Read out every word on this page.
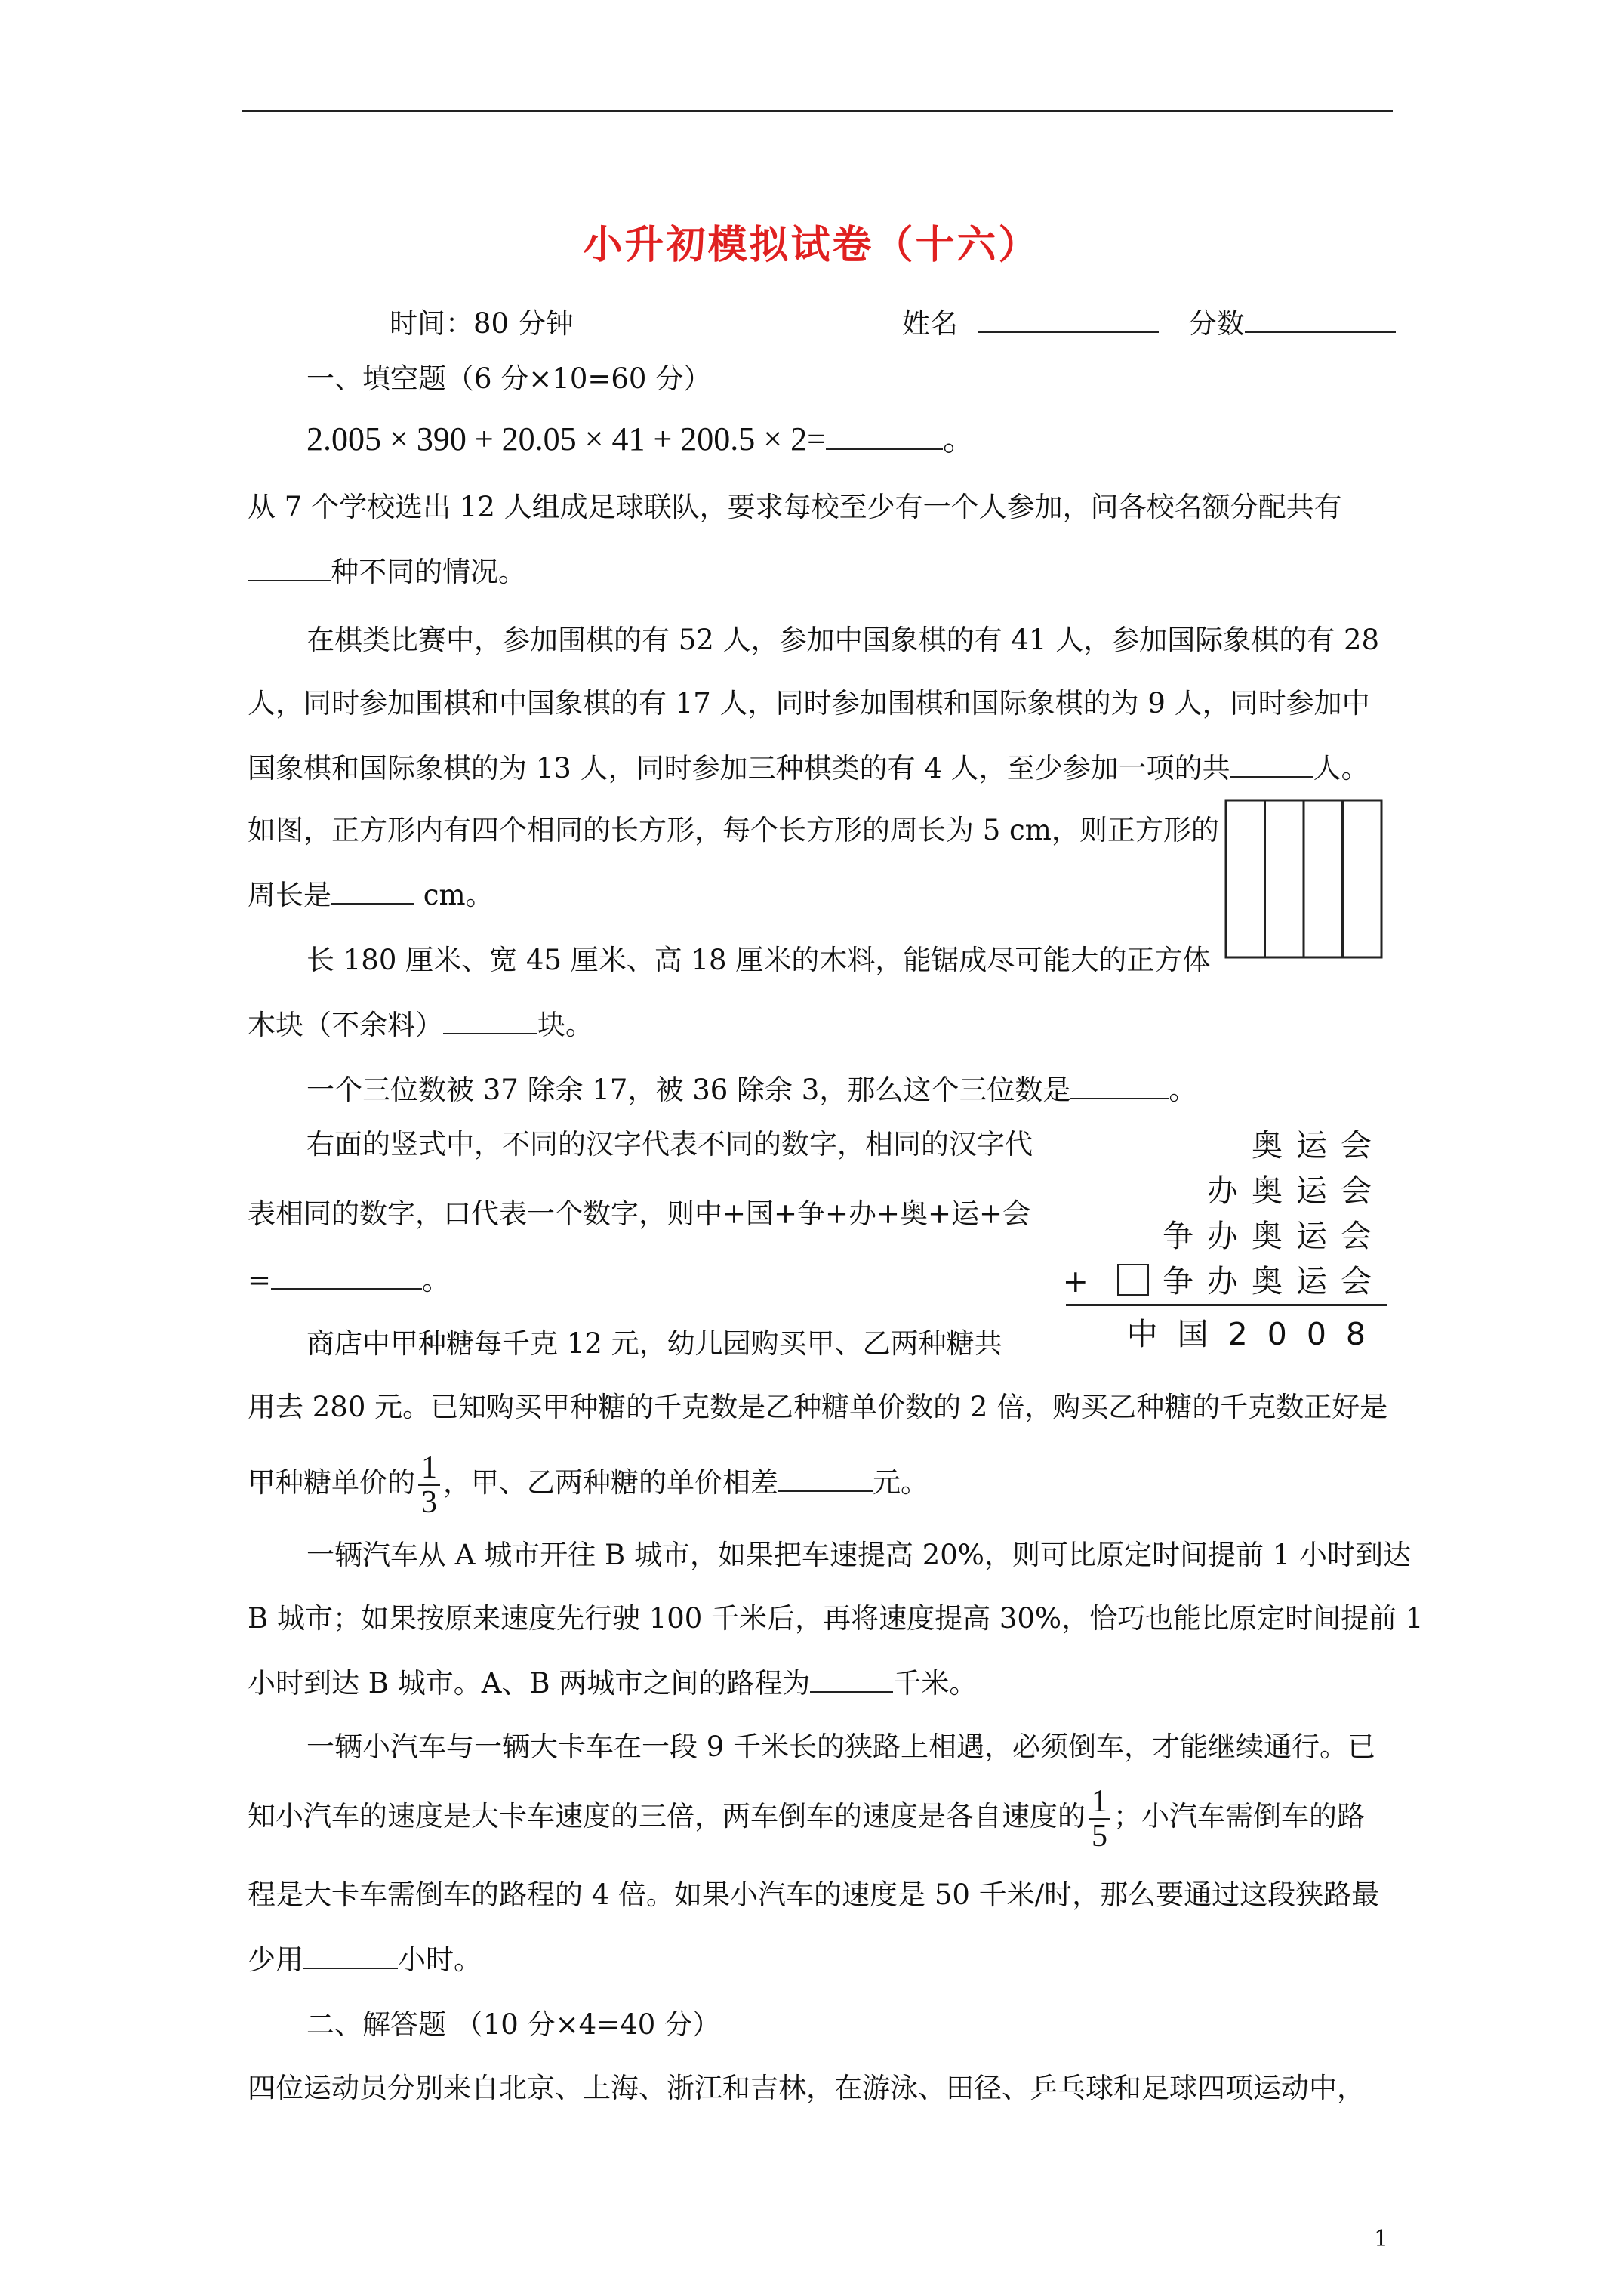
小升初模拟试卷（十六）
时间：80 分钟	姓名	分数
一、填空题（6 分×10=60 分）
2.005 × 390 + 20.05 × 41 + 200.5 × 2=	。
从 7 个学校选出 12 人组成足球联队，要求每校至少有一个人参加，问各校名额分配共有
种不同的情况。
在棋类比赛中，参加围棋的有 52 人，参加中国象棋的有 41 人，参加国际象棋的有 28
人，同时参加围棋和中国象棋的有 17 人，同时参加围棋和国际象棋的为 9 人，同时参加中
国象棋和国际象棋的为 13 人，同时参加三种棋类的有 4 人，至少参加一项的共	人。
如图，正方形内有四个相同的长方形，每个长方形的周长为 5 cm，则正方形的
周长是	cm。
长 180 厘米、宽 45 厘米、高 18 厘米的木料，能锯成尽可能大的正方体
木块（不余料）	块。
一个三位数被 37 除余 17，被 36 除余 3，那么这个三位数是	。
右面的竖式中，不同的汉字代表不同的数字，相同的汉字代
表相同的数字，口代表一个数字，则中+国+争+办+奥+运+会
=	。
奥运会
办奥运会
争办奥运会
+ 争办奥运会
中国2008
商店中甲种糖每千克 12 元，幼儿园购买甲、乙两种糖共
用去 280 元。已知购买甲种糖的千克数是乙种糖单价数的 2 倍，购买乙种糖的千克数正好是
甲种糖单价的 $\frac{1}{3}$ ，甲、乙两种糖的单价相差	元。
一辆汽车从 A 城市开往 B 城市，如果把车速提高 20%，则可比原定时间提前 1 小时到达
B 城市；如果按原来速度先行驶 100 千米后，再将速度提高 30%，恰巧也能比原定时间提前 1
小时到达 B 城市。A、B 两城市之间的路程为	千米。
一辆小汽车与一辆大卡车在一段 9 千米长的狭路上相遇，必须倒车，才能继续通行。已
知小汽车的速度是大卡车速度的三倍，两车倒车的速度是各自速度的 $\frac{1}{5}$ ；小汽车需倒车的路
程是大卡车需倒车的路程的 4 倍。如果小汽车的速度是 50 千米/时，那么要通过这段狭路最
少用	小时。
二、解答题 （10 分×4=40 分）
四位运动员分别来自北京、上海、浙江和吉林，在游泳、田径、乒乓球和足球四项运动中，
1
